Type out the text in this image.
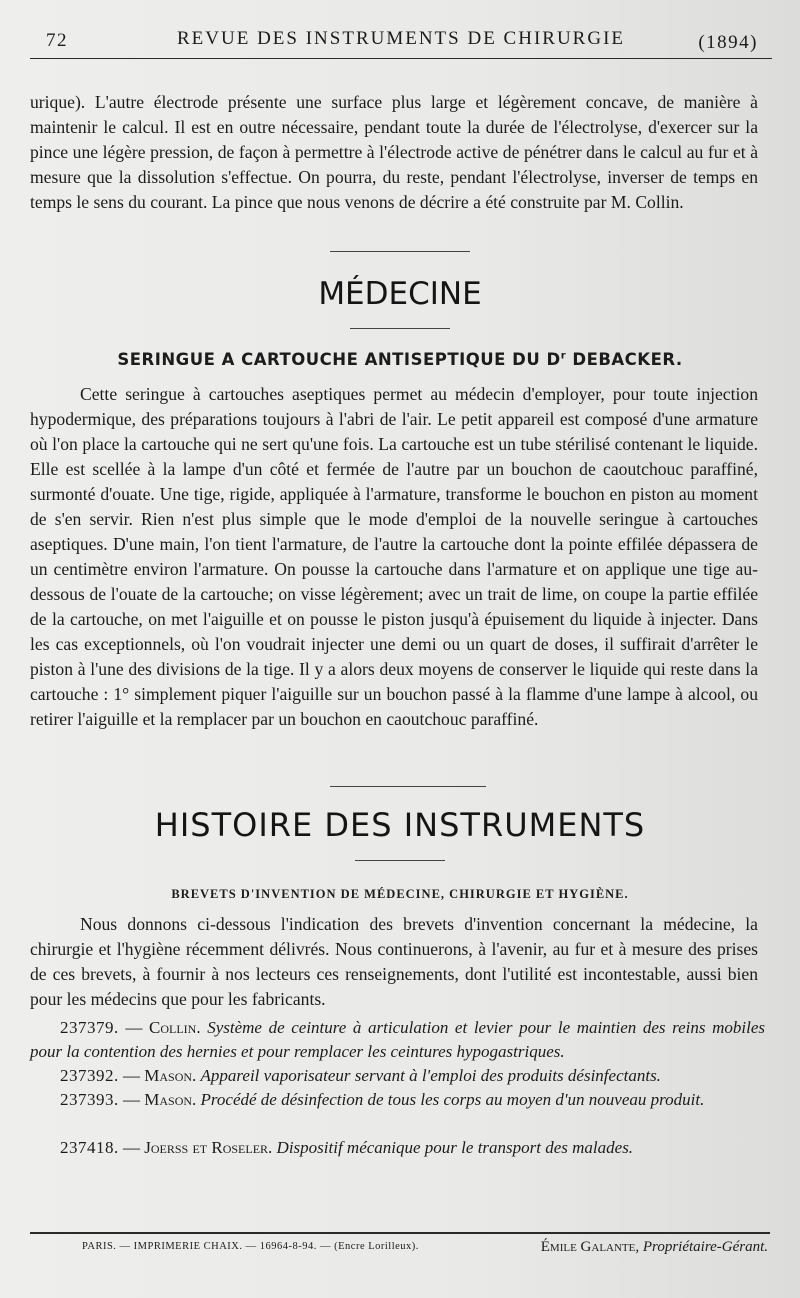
72	REVUE DES INSTRUMENTS DE CHIRURGIE	(1894)

urique). L'autre électrode présente une surface plus large et légèrement concave, de manière à maintenir le calcul. Il est en outre nécessaire, pendant toute la durée de l'électrolyse, d'exercer sur la pince une légère pression, de façon à permettre à l'électrode active de pénétrer dans le calcul au fur et à mesure que la dissolution s'effectue. On pourra, du reste, pendant l'électrolyse, inverser de temps en temps le sens du courant. La pince que nous venons de décrire a été construite par M. Collin.

MÉDECINE
SERINGUE A CARTOUCHE ANTISEPTIQUE DU $D^r$ DEBACKER.

Cette seringue à cartouches aseptiques permet au médecin d'employer, pour toute injection hypodermique, des préparations toujours à l'abri de l'air. Le petit appareil est composé d'une armature où l'on place la cartouche qui ne sert qu'une fois. La cartouche est un tube stérilisé contenant le liquide. Elle est scellée à la lampe d'un côté et fermée de l'autre par un bouchon de caoutchouc paraffiné, surmonté d'ouate. Une tige, rigide, appliquée à l'armature, transforme le bouchon en piston au moment de s'en servir. Rien n'est plus simple que le mode d'emploi de la nouvelle seringue à cartouches aseptiques. D'une main, l'on tient l'armature, de l'autre la cartouche dont la pointe effilée dépassera de un centimètre environ l'armature. On pousse la cartouche dans l'armature et on applique une tige au-dessous de l'ouate de la cartouche; on visse légèrement; avec un trait de lime, on coupe la partie effilée de la cartouche, on met l'aiguille et on pousse le piston jusqu'à épuisement du liquide à injecter. Dans les cas exceptionnels, où l'on voudrait injecter une demi ou un quart de doses, il suffirait d'arrêter le piston à l'une des divisions de la tige. Il y a alors deux moyens de conserver le liquide qui reste dans la cartouche : 1° simplement piquer l'aiguille sur un bouchon passé à la flamme d'une lampe à alcool, ou retirer l'aiguille et la remplacer par un bouchon en caoutchouc paraffiné.

HISTOIRE DES INSTRUMENTS
BREVETS D'INVENTION DE MÉDECINE, CHIRURGIE ET HYGIÈNE.

Nous donnons ci-dessous l'indication des brevets d'invention concernant la médecine, la chirurgie et l'hygiène récemment délivrés. Nous continuerons, à l'avenir, au fur et à mesure des prises de ces brevets, à fournir à nos lecteurs ces renseignements, dont l'utilité est incontestable, aussi bien pour les médecins que pour les fabricants.

237379. — Collin. Système de ceinture à articulation et levier pour le maintien des reins mobiles pour la contention des hernies et pour remplacer les ceintures hypogastriques.

237392. — Mason. Appareil vaporisateur servant à l'emploi des produits désinfectants.

237393. — Mason. Procédé de désinfection de tous les corps au moyen d'un nouveau produit.

237418. — Joerss et Roseler. Dispositif mécanique pour le transport des malades.

PARIS. — IMPRIMERIE CHAIX. — 16964-8-94. — (Encre Lorilleux).	Émile Galante, Propriétaire-Gérant.
